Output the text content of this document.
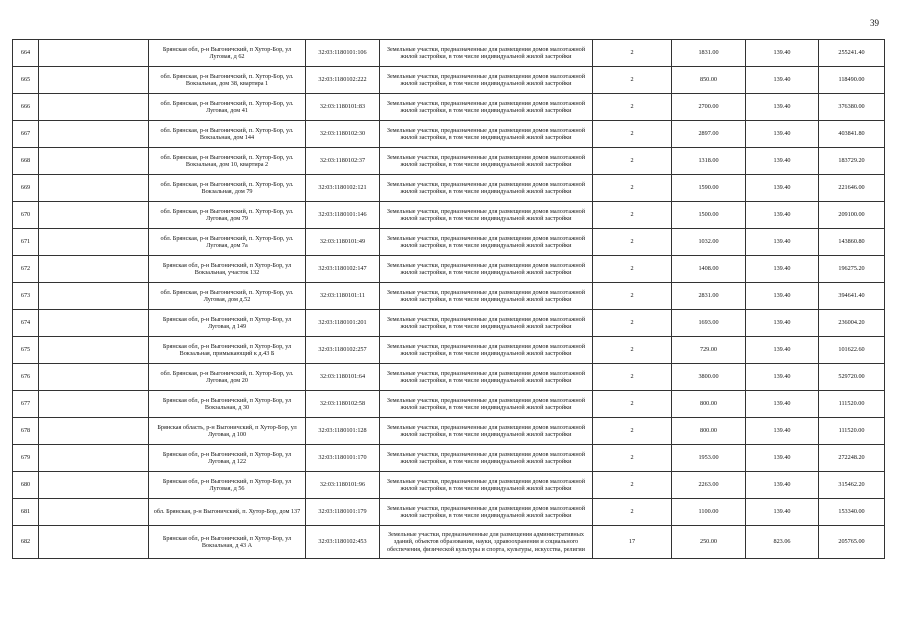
39
664		Брянская обл, р-н Выгоничский, п Хутор-Бор, ул Луговая, д 62	32:03:1180101:106	Земельные участки, предназначенные для размещения домов малоэтажной жилой застройки, в том числе индивидуальной жилой застройки	2	1831.00	139.40	255241.40
665		обл. Брянская, р-н Выгоничский, п. Хутор-Бор, ул. Вокзальная, дом 38, квартира 1	32:03:1180102:222	Земельные участки, предназначенные для размещения домов малоэтажной жилой застройки, в том числе индивидуальной жилой застройки	2	850.00	139.40	118490.00
666		обл. Брянская, р-н Выгоничский, п. Хутор-Бор, ул. Луговая, дом 41	32:03:1180101:83	Земельные участки, предназначенные для размещения домов малоэтажной жилой застройки, в том числе индивидуальной жилой застройки	2	2700.00	139.40	376380.00
667		обл. Брянская, р-н Выгоничский, п. Хутор-Бор, ул. Вокзальная, дом 144	32:03:1180102:30	Земельные участки, предназначенные для размещения домов малоэтажной жилой застройки, в том числе индивидуальной жилой застройки	2	2897.00	139.40	403841.80
668		обл. Брянская, р-н Выгоничский, п. Хутор-Бор, ул. Вокзальная, дом 10, квартира 2	32:03:1180102:37	Земельные участки, предназначенные для размещения домов малоэтажной жилой застройки, в том числе индивидуальной жилой застройки	2	1318.00	139.40	183729.20
669		обл. Брянская, р-н Выгоничский, п. Хутор-Бор, ул. Вокзальная, дом 79	32:03:1180102:121	Земельные участки, предназначенные для размещения домов малоэтажной жилой застройки, в том числе индивидуальной жилой застройки	2	1590.00	139.40	221646.00
670		обл. Брянская, р-н Выгоничский, п. Хутор-Бор, ул. Луговая, дом 79	32:03:1180101:146	Земельные участки, предназначенные для размещения домов малоэтажной жилой застройки, в том числе индивидуальной жилой застройки	2	1500.00	139.40	209100.00
671		обл. Брянская, р-н Выгоничский, п. Хутор-Бор, ул. Луговая, дом 7а	32:03:1180101:49	Земельные участки, предназначенные для размещения домов малоэтажной жилой застройки, в том числе индивидуальной жилой застройки	2	1032.00	139.40	143860.80
672		Брянская обл, р-н Выгоничский, п Хутор-Бор, ул Вокзальная, участок 132	32:03:1180102:147	Земельные участки, предназначенные для размещения домов малоэтажной жилой застройки, в том числе индивидуальной жилой застройки	2	1408.00	139.40	196275.20
673		обл. Брянская, р-н Выгоничский, п. Хутор-Бор, ул. Луговая, дом д.52	32:03:1180101:11	Земельные участки, предназначенные для размещения домов малоэтажной жилой застройки, в том числе индивидуальной жилой застройки	2	2831.00	139.40	394641.40
674		Брянская обл, р-н Выгоничский, п Хутор-Бор, ул Луговая, д 149	32:03:1180101:201	Земельные участки, предназначенные для размещения домов малоэтажной жилой застройки, в том числе индивидуальной жилой застройки	2	1693.00	139.40	236004.20
675		Брянская обл, р-н Выгоничский, п Хутор-Бор, ул Вокзальная, примыкающий к д.43 Б	32:03:1180102:257	Земельные участки, предназначенные для размещения домов малоэтажной жилой застройки, в том числе индивидуальной жилой застройки	2	729.00	139.40	101622.60
676		обл. Брянская, р-н Выгоничский, п. Хутор-Бор, ул. Луговая, дом 20	32:03:1180101:64	Земельные участки, предназначенные для размещения домов малоэтажной жилой застройки, в том числе индивидуальной жилой застройки	2	3800.00	139.40	529720.00
677		Брянская обл, р-н Выгоничский, п Хутор-Бор, ул Вокзальная, д 30	32:03:1180102:58	Земельные участки, предназначенные для размещения домов малоэтажной жилой застройки, в том числе индивидуальной жилой застройки	2	800.00	139.40	111520.00
678		Брянская область, р-н Выгоничский, п Хутор-Бор, ул Луговая, д 100	32:03:1180101:128	Земельные участки, предназначенные для размещения домов малоэтажной жилой застройки, в том числе индивидуальной жилой застройки	2	800.00	139.40	111520.00
679		Брянская обл, р-н Выгоничский, п Хутор-Бор, ул Луговая, д 122	32:03:1180101:170	Земельные участки, предназначенные для размещения домов малоэтажной жилой застройки, в том числе индивидуальной жилой застройки	2	1953.00	139.40	272248.20
680		Брянская обл, р-н Выгоничский, п Хутор-Бор, ул Луговая, д 56	32:03:1180101:96	Земельные участки, предназначенные для размещения домов малоэтажной жилой застройки, в том числе индивидуальной жилой застройки	2	2263.00	139.40	315462.20
681		обл. Брянская, р-н Выгоничский, п. Хутор-Бор, дом 137	32:03:1180101:179	Земельные участки, предназначенные для размещения домов малоэтажной жилой застройки, в том числе индивидуальной жилой застройки	2	1100.00	139.40	153340.00
682		Брянская обл, р-н Выгоничский, п Хутор-Бор, ул Вокзальная, д 43 А	32:03:1180102:453	Земельные участки, предназначенные для размещения административных зданий, объектов образования, науки, здравоохранения и социального обеспечения, физической культуры и спорта, культуры, искусства, религии	17	250.00	823.06	205765.00
